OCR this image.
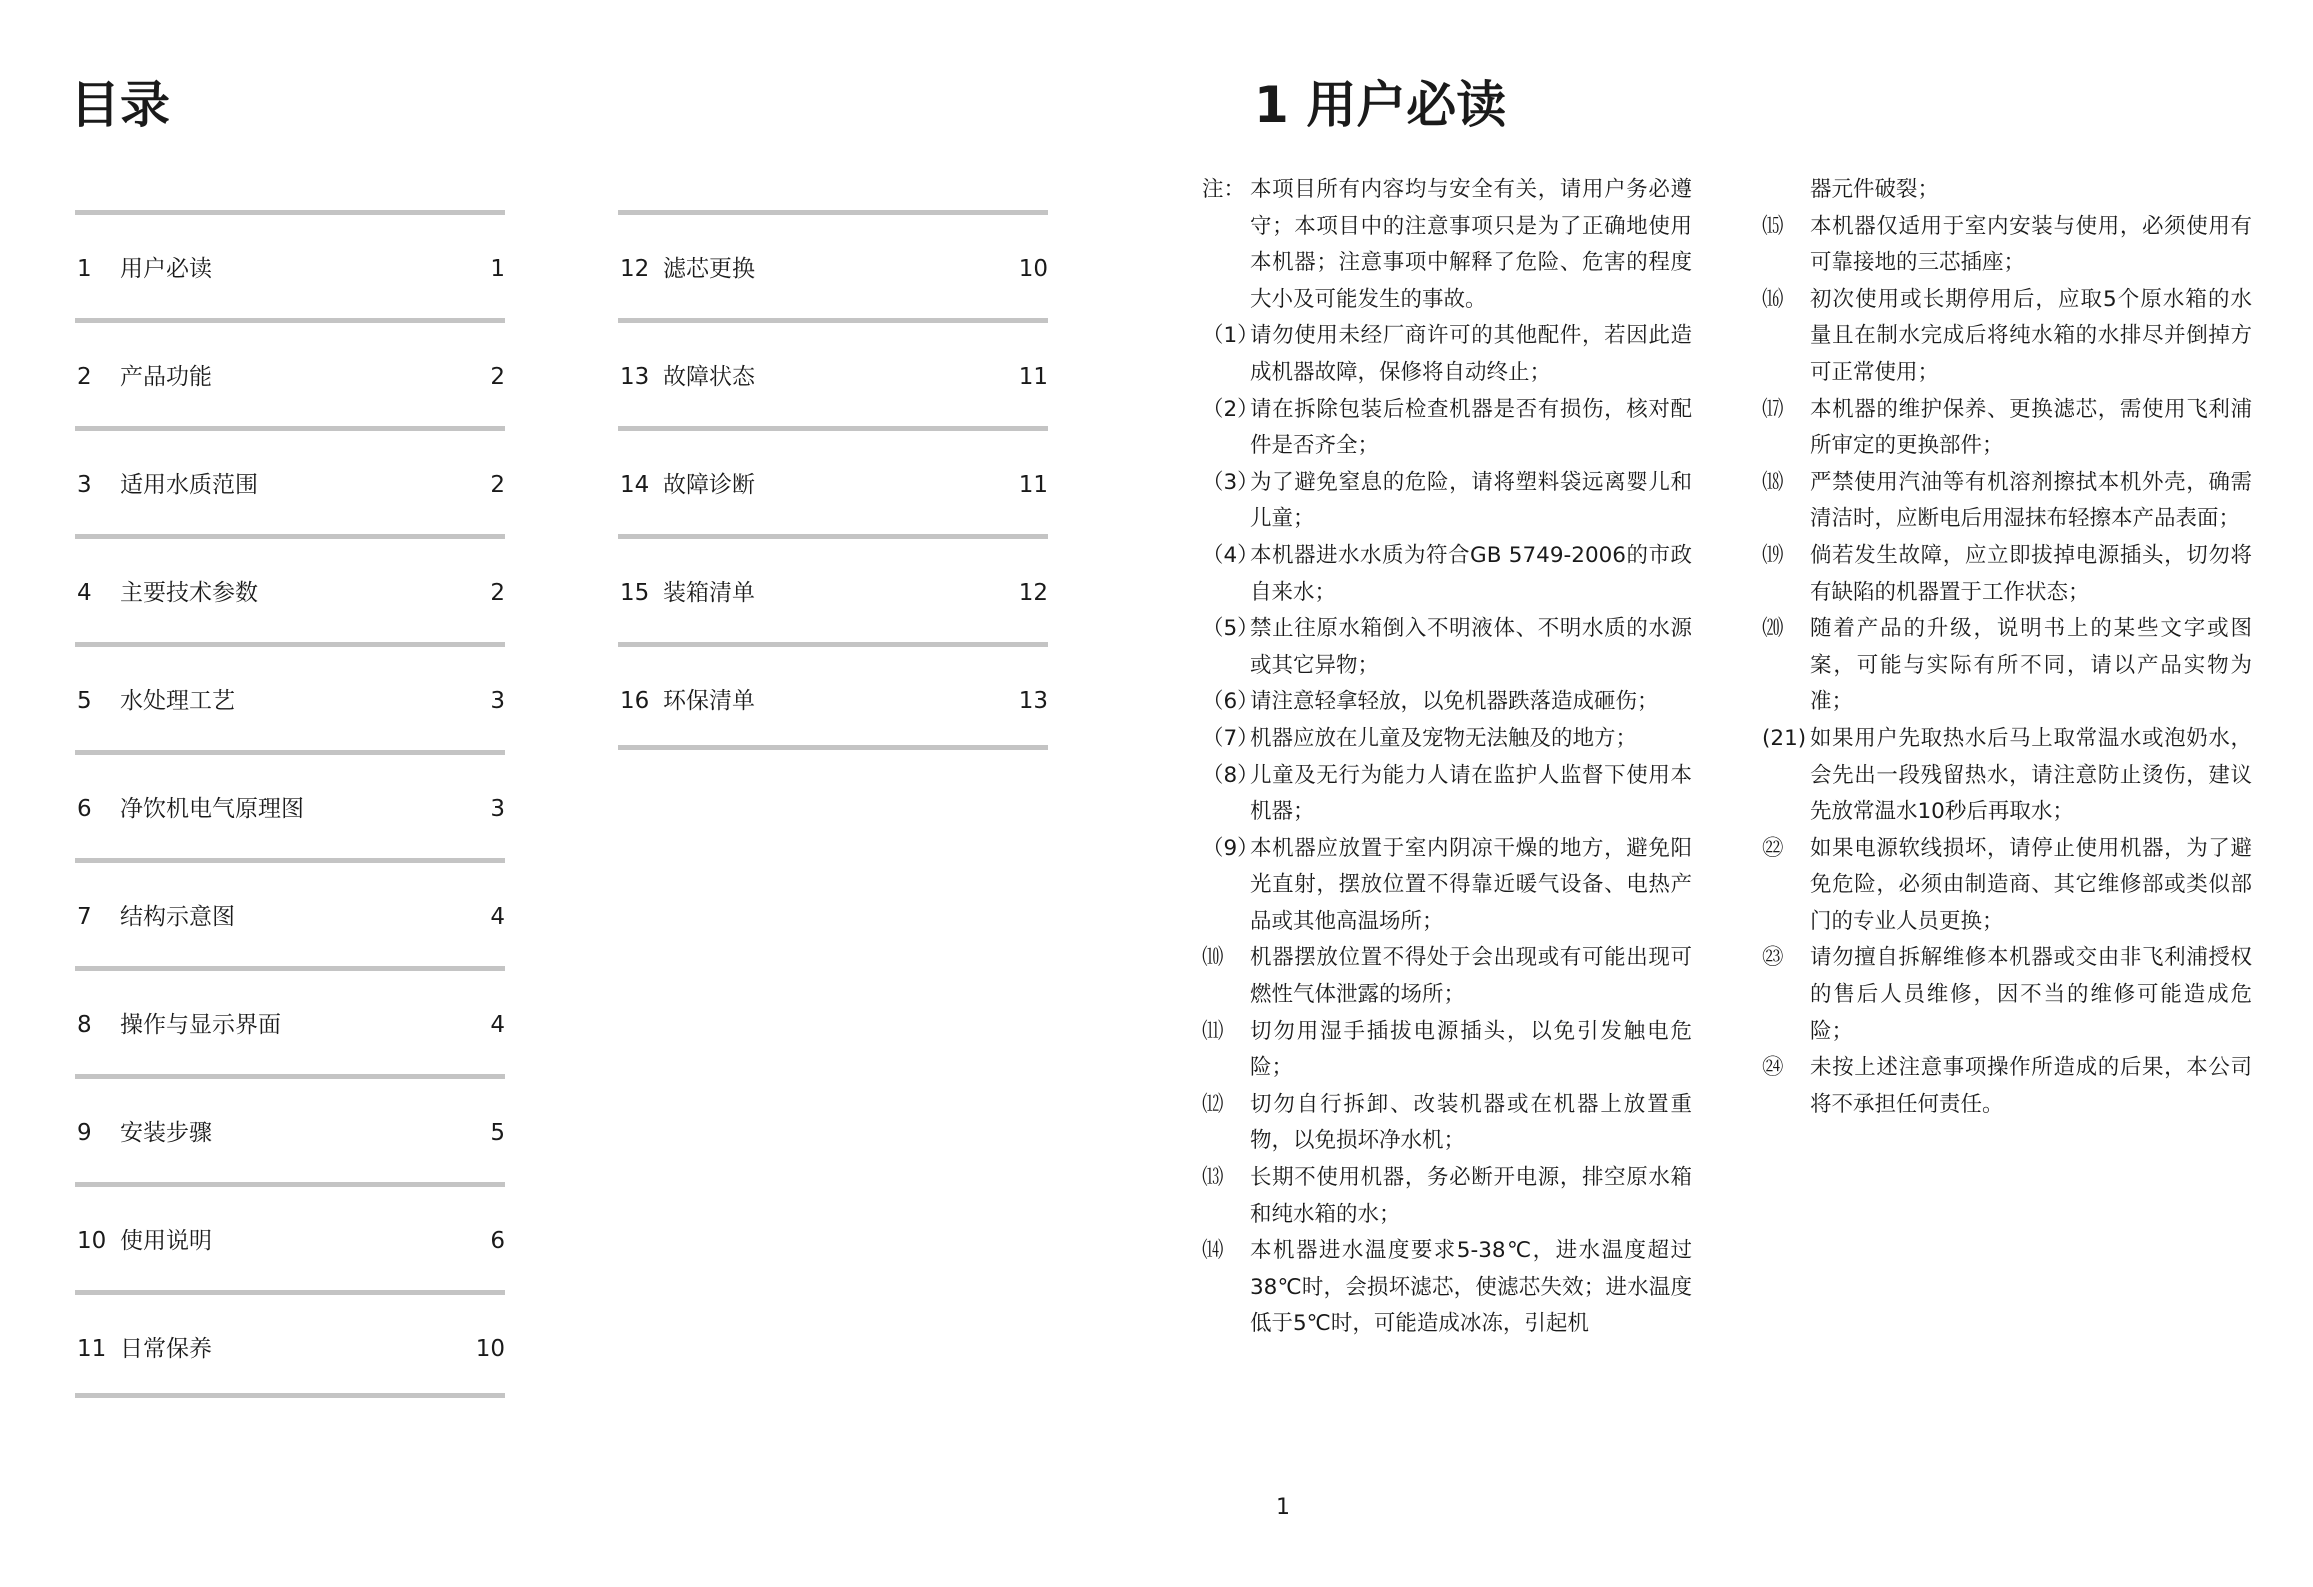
目录
1 用户必读	1
2 产品功能	2
3 适用水质范围	2
4 主要技术参数	2
5 水处理工艺	3
6 净饮机电气原理图	3
7 结构示意图	4
8 操作与显示界面	4
9 安装步骤	5
10 使用说明	6
11 日常保养	10
12 滤芯更换	10
13 故障状态	11
14 故障诊断	11
15 装箱清单	12
16 环保清单	13
1 用户必读
注： 本项目所有内容均与安全有关，请用户务必遵守；本项目中的注意事项只是为了正确地使用本机器；注意事项中解释了危险、危害的程度大小及可能发生的事故。
（1）
请勿使用未经厂商许可的其他配件，若因此造成机器故障，保修将自动终止；
（2）
请在拆除包装后检查机器是否有损伤，核对配件是否齐全；
（3）
为了避免窒息的危险，请将塑料袋远离婴儿和儿童；
（4）
本机器进水水质为符合GB 5749-2006的市政自来水；
（5）
禁止往原水箱倒入不明液体、不明水质的水源或其它异物；
（6）
请注意轻拿轻放，以免机器跌落造成砸伤；
（7）
机器应放在儿童及宠物无法触及的地方；
（8）
儿童及无行为能力人请在监护人监督下使用本机器；
（9）
本机器应放置于室内阴凉干燥的地方，避免阳光直射，摆放位置不得靠近暖气设备、电热产品或其他高温场所；
⑽ 机器摆放位置不得处于会出现或有可能出现可燃性气体泄露的场所；
⑾ 切勿用湿手插拔电源插头，以免引发触电危险；
⑿ 切勿自行拆卸、改装机器或在机器上放置重物，以免损坏净水机；
⒀ 长期不使用机器，务必断开电源，排空原水箱和纯水箱的水；
⒁ 本机器进水温度要求5-38℃，进水温度超过38℃时，会损坏滤芯，使滤芯失效；进水温度低于5℃时，可能造成冰冻，引起机
器元件破裂；
⒂ 本机器仅适用于室内安装与使用，必须使用有可靠接地的三芯插座；
⒃ 初次使用或长期停用后，应取5个原水箱的水量且在制水完成后将纯水箱的水排尽并倒掉方可正常使用；
⒄ 本机器的维护保养、更换滤芯，需使用飞利浦所审定的更换部件；
⒅ 严禁使用汽油等有机溶剂擦拭本机外壳，确需清洁时，应断电后用湿抹布轻擦本产品表面；
⒆ 倘若发生故障，应立即拔掉电源插头，切勿将有缺陷的机器置于工作状态；
⒇ 随着产品的升级，说明书上的某些文字或图案，可能与实际有所不同，请以产品实物为准；
(21) 如果用户先取热水后马上取常温水或泡奶水，会先出一段残留热水，请注意防止烫伤，建议先放常温水10秒后再取水；
㉒ 如果电源软线损坏，请停止使用机器，为了避免危险，必须由制造商、其它维修部或类似部门的专业人员更换；
㉓ 请勿擅自拆解维修本机器或交由非飞利浦授权的售后人员维修，因不当的维修可能造成危险；
㉔ 未按上述注意事项操作所造成的后果，本公司将不承担任何责任。
1
